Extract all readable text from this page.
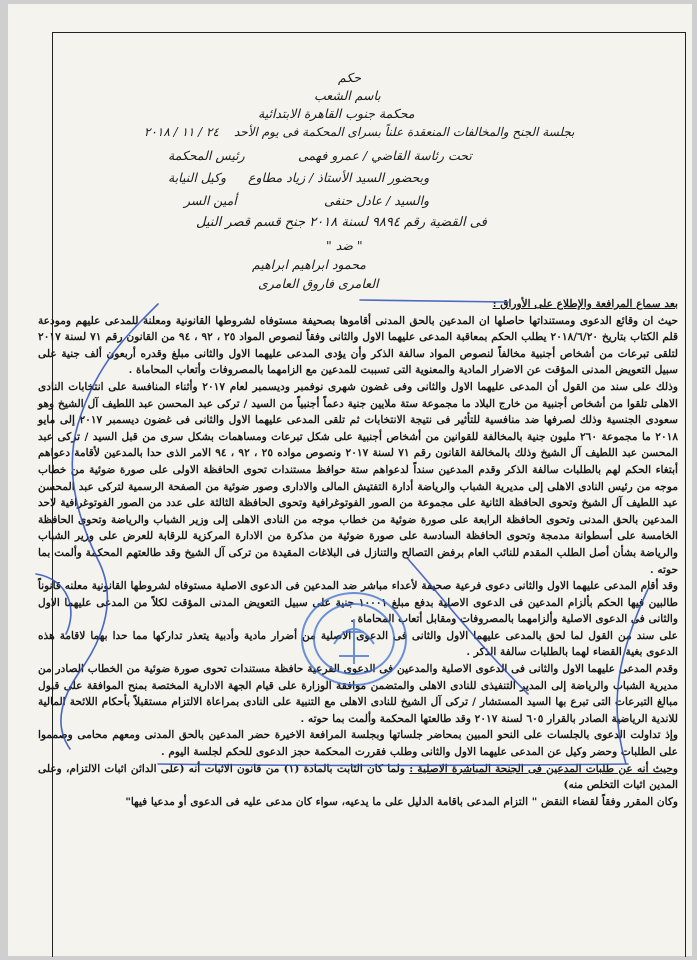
حكم
باسم الشعب
محكمة جنوب القاهرة الابتدائية
بجلسة الجنح والمخالفات المنعقدة علناً بسراى المحكمة فى يوم الأحد
٢٤ / ١١ / ٢٠١٨
تحت رئاسة القاضي / عمرو فهمى
رئيس المحكمة
وبحضور السيد الأستاذ / زياد مطاوع
وكيل النيابة
والسيد / عادل حنفى
أمين السر
فى القضية رقم ٩٨٩٤ لسنة ٢٠١٨ جنح قسم قصر النيل
" ضد "
محمود ابراهيم ابراهيم
العامرى فاروق العامرى

بعد سماع المرافعة والإطلاع على الأوراق :

حيث ان وقائع الدعوى ومستنداتها حاصلها ان المدعين بالحق المدنى أقاموها بصحيفة مستوفاه لشروطها القانونية ومعلنة للمدعى عليهم ومودعة قلم الكتاب بتاريخ ٢٠١٨/٦/٢٠ يطلب الحكم بمعاقبة المدعى عليهما الاول والثانى وفقاً لنصوص المواد ٢٥ ، ٩٢ ، ٩٤ من القانون رقم ٧١ لسنة ٢٠١٧ لتلقى تبرعات من أشخاص أجنبية مخالفاً لنصوص المواد سالفة الذكر وأن يؤدى المدعى عليهما الاول والثانى مبلغ وقدره أربعون ألف جنية على سبيل التعويض المدنى المؤقت عن الاضرار المادية والمعنوية التى تسببت للمدعين مع الزامهما بالمصروفات وأتعاب المحاماة .

وذلك على سند من القول أن المدعى عليهما الاول والثانى وفى غضون شهرى نوفمبر وديسمبر لعام ٢٠١٧ وأثناء المنافسة على انتخابات النادى الاهلى تلقوا من أشخاص أجنبية من خارج البلاد ما مجموعة ستة ملايين جنية دعماً أجنبياً من السيد / تركى عبد المحسن عبد اللطيف آل الشيخ وهو سعودى الجنسية وذلك لصرفها ضد منافسية للتأثير فى نتيجة الانتخابات ثم تلقى المدعى عليهما الاول والثانى فى غضون ديسمبر ٢٠١٧ إلى مايو ٢٠١٨ ما مجموعة ٢٦٠ مليون جنية بالمخالفة للقوانين من أشخاص أجنبية على شكل تبرعات ومساهمات بشكل سرى من قبل السيد / تركى عبد المحسن عبد اللطيف آل الشيخ وذلك بالمخالفة القانون رقم ٧١ لسنة ٢٠١٧ ونصوص مواده ٢٥ ، ٩٢ ، ٩٤ الامر الذى حدا بالمدعين لأقامة دعواهم أبتغاء الحكم لهم بالطلبات سالفة الذكر وقدم المدعين سنداً لدعواهم ستة حوافظ مستندات تحوى الحافظة الاولى على صورة ضوئية من خطاب موجه من رئيس النادى الاهلى إلى مديرية الشباب والرياضة أدارة التفتيش المالى والادارى وصور ضوئية من الصفحة الرسمية لتركى عبد المحسن عبد اللطيف آل الشيخ وتحوى الحافظة الثانية على مجموعة من الصور الفوتوغرافية وتحوى الحافظة الثالثة على عدد من الصور الفوتوغرافية لاحد المدعين بالحق المدنى وتحوى الحافظة الرابعة على صورة ضوئية من خطاب موجه من النادى الاهلى إلى وزير الشباب والرياضة وتحوى الحافظة الخامسة على أسطوانة مدمجة وتحوى الحافظة السادسة على صورة ضوئية من مذكرة من الادارة المركزية للرقابة للعرض على وزير الشباب والرياضة بشأن أصل الطلب المقدم للنائب العام برفض التصالح والتنازل فى البلاغات المقيدة من تركى آل الشيخ وقد طالعتهم المحكمة وألمت بما حوته .

وقد أقام المدعى عليهما الاول والثانى دعوى فرعية صحيفة لأعداء مباشر ضد المدعين فى الدعوى الاصلية مستوفاه لشروطها القانونية معلنه قانوناً طالبين فيها الحكم بألزام المدعين فى الدعوى الاصلية بدفع مبلغ ١٠٠٠١ جنية على سبيل التعويض المدنى المؤقت لكلاً من المدعى عليهما الاول والثانى فى الدعوى الاصلية وألزامهما بالمصروفات ومقابل أتعاب المحاماة .

على سند من القول لما لحق بالمدعى عليهما الاول والثانى فى الدعوى الاصلية من أضرار مادية وأدبية يتعذر تداركها مما حدا بهما لاقامة هذه الدعوى بغية القضاء لهما بالطلبات سالفة الذكر .

وقدم المدعى عليهما الاول والثانى فى الدعوى الاصلية والمدعين فى الدعوى الفرعية حافظة مستندات تحوى صورة ضوئية من الخطاب الصادر من مديرية الشباب والرياضة إلى المدير التنفيذى للنادى الاهلى والمتضمن موافقة الوزارة على قيام الجهة الادارية المختصة بمنح الموافقة على قبول مبالغ التبرعات التى تبرع بها السيد المستشار / تركى آل الشيخ للنادى الاهلى مع التنبية على النادى بمراعاة الالتزام مستقبلاً بأحكام اللائحة المالية للاندية الرياضية الصادر بالقرار ٦٠٥ لسنة ٢٠١٧ وقد طالعتها المحكمة وألمت بما حوته .

وإذ تداولت الدعوى بالجلسات على النحو المبين بمحاضر جلساتها وبجلسة المرافعة الاخيرة حضر المدعين بالحق المدنى ومعهم محامى وصمموا على الطلبات وحضر وكيل عن المدعى عليهما الاول والثانى وطلب فقررت المحكمة حجز الدعوى للحكم لجلسة اليوم .

وحيث أنه عن طلبات المدعين فى الجنحة المباشرة الاصلية : ولما كان الثابت بالمادة (١) من قانون الاثبات أنه (على الدائن اثبات الالتزام، وعلى المدين اثبات التخلص منه)

وكان المقرر وفقاً لقضاء النقض " التزام المدعى باقامة الدليل على ما يدعيه، سواء كان مدعى عليه فى الدعوى أو مدعيا فيها"
